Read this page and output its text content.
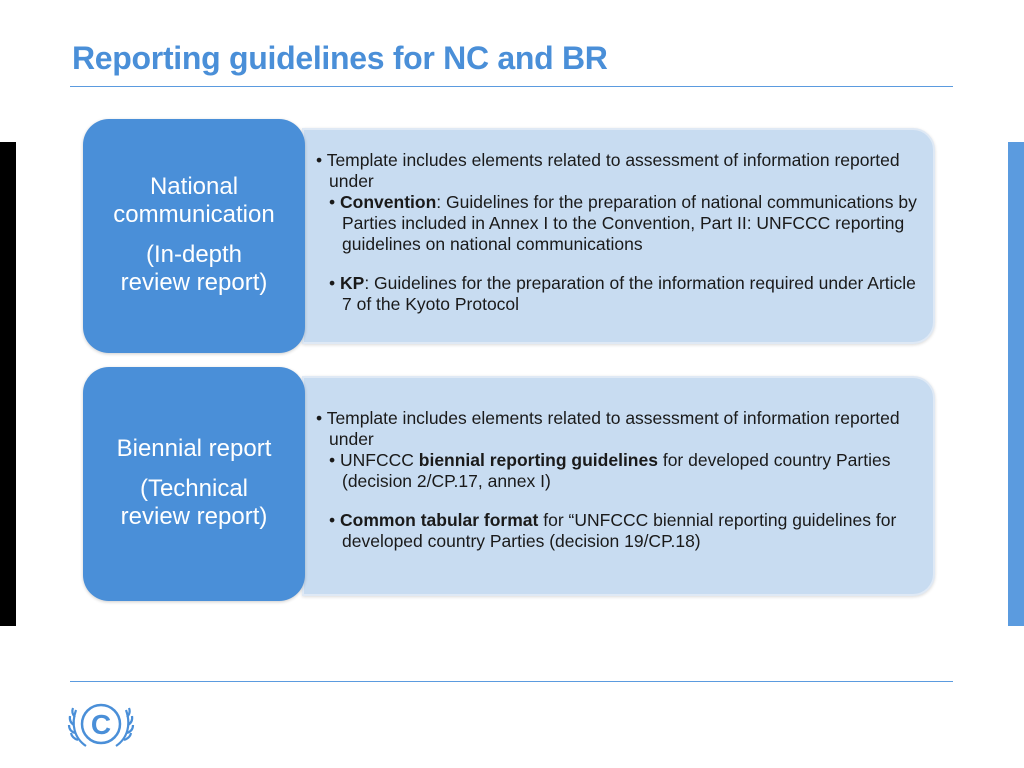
Reporting guidelines for NC and BR

• Template includes elements related to assessment of information reported under

• Convention: Guidelines for the preparation of national communications by Parties included in Annex I to the Convention, Part II: UNFCCC reporting guidelines on national communications

• KP: Guidelines for the preparation of the information required under Article 7 of the Kyoto Protocol

National
communication
(In-depth
review report)

• Template includes elements related to assessment of information reported under

• UNFCCC biennial reporting guidelines for developed country Parties (decision 2/CP.17, annex I)

• Common tabular format for “UNFCCC biennial reporting guidelines for developed country Parties (decision 19/CP.18)

Biennial report
(Technical
review report)
C
